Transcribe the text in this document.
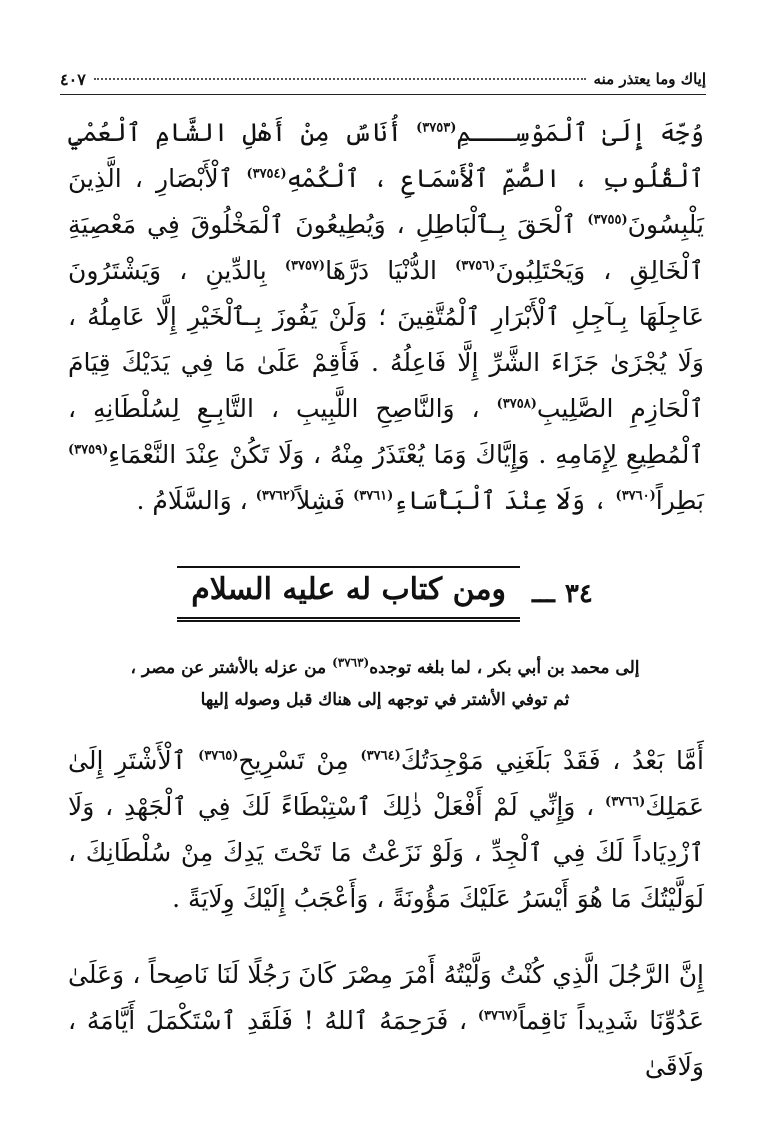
إياك وما يعتذر منه
٤٠٧

وُجِّهَ إِلَىٰ ٱلْمَوْسِـــمِ$^{(٣٧٥٣)}$ أُنَاسٌ مِنْ أَهْلِ الشَّامِ ٱلْعُمْيِ ٱلْقُلُوبِ ، الصُّمِّ ٱلْأَسْمَاعِ ، ٱلْكُمْهِ$^{(٣٧٥٤)}$ ٱلْأَبْصَارِ ، الَّذِينَ يَلْبِسُونَ$^{(٣٧٥٥)}$ ٱلْحَقَ بِـٱلْبَاطِلِ ، وَيُطِيعُونَ ٱلْمَخْلُوقَ فِي مَعْصِيَةِ ٱلْخَالِقِ ، وَيَحْتَلِبُونَ$^{(٣٧٥٦)}$ الدُّنْيَا دَرَّهَا$^{(٣٧٥٧)}$ بِالدِّينِ ، وَيَشْتَرُونَ عَاجِلَهَا بِـآجِلِ ٱلْأَبْرَارِ ٱلْمُتَّقِينَ ؛ وَلَنْ يَفُوزَ بِـٱلْخَيْرِ إِلَّا عَامِلُهُ ، وَلَا يُجْزَىٰ جَزَاءَ الشَّرِّ إِلَّا فَاعِلُهُ . فَأَقِمْ عَلَىٰ مَا فِي يَدَيْكَ قِيَامَ ٱلْحَازِمِ الصَّلِيبِ$^{(٣٧٥٨)}$ ، وَالنَّاصِحِ اللَّبِيبِ ، التَّابِـعِ لِسُلْطَانِهِ ، ٱلْمُطِيعِ لِإِمَامِهِ . وَإِيَّاكَ وَمَا يُعْتَذَرُ مِنْهُ ، وَلَا تَكُنْ عِنْدَ النَّعْمَاءِ$^{(٣٧٥٩)}$ بَطِراً$^{(٣٧٦٠)}$ ، وَلَا عِنْدَ ٱلْبَأْسَاءِ$^{(٣٧٦١)}$ فَشِلاً$^{(٣٧٦٢)}$ ، وَالسَّلَامُ .

٣٤
ـــ
ومن كتاب له عليه السلام
إلى محمد بن أبي بكر ، لما بلغه توجده$^{(٣٧٦٣)}$ من عزله بالأشتر عن مصر ،
ثم توفي الأشتر في توجهه إلى هناك قبل وصوله إليها

أَمَّا بَعْدُ ، فَقَدْ بَلَغَنِي مَوْجِدَتُكَ$^{(٣٧٦٤)}$ مِنْ تَسْرِيحِ$^{(٣٧٦٥)}$ ٱلْأَشْتَرِ إِلَىٰ عَمَلِكَ$^{(٣٧٦٦)}$ ، وَإِنِّي لَمْ أَفْعَلْ ذٰلِكَ ٱسْتِبْطَاءً لَكَ فِي ٱلْجَهْدِ ، وَلَا ٱزْدِيَاداً لَكَ فِي ٱلْجِدِّ ، وَلَوْ نَزَعْتُ مَا تَحْتَ يَدِكَ مِنْ سُلْطَانِكَ ، لَوَلَّيْتُكَ مَا هُوَ أَيْسَرُ عَلَيْكَ مَؤُونَةً ، وَأَعْجَبُ إِلَيْكَ وِلَايَةً .

إِنَّ الرَّجُلَ الَّذِي كُنْتُ وَلَّيْتُهُ أَمْرَ مِصْرَ كَانَ رَجُلًا لَنَا نَاصِحاً ، وَعَلَىٰ عَدُوِّنَا شَدِيداً نَاقِماً$^{(٣٧٦٧)}$ ، فَرَحِمَهُ ٱللهُ ! فَلَقَدِ ٱسْتَكْمَلَ أَيَّامَهُ ، وَلَاقَىٰ
